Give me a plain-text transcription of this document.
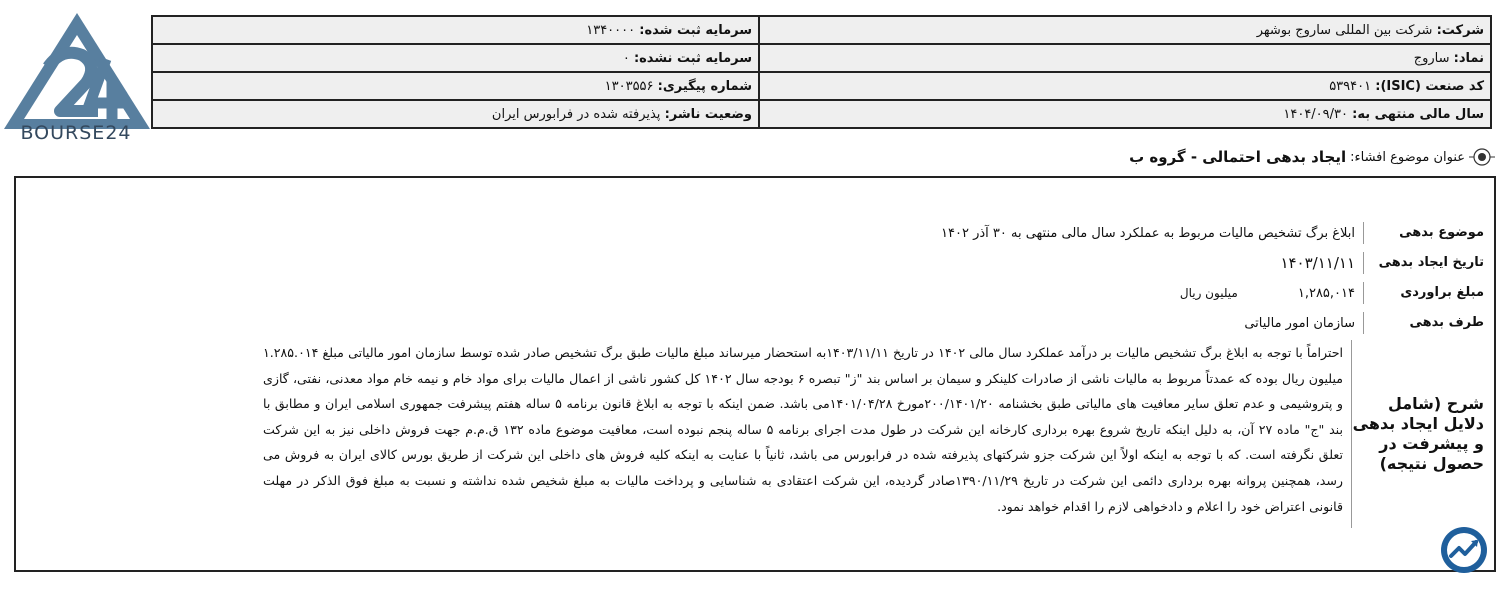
BOURSE24
شرکت: شرکت بین المللی ساروج بوشهر	سرمایه ثبت شده: ۱۳۴۰۰۰۰
نماد: ساروج	سرمایه ثبت نشده: ۰
کد صنعت (ISIC): ۵۳۹۴۰۱	شماره پیگیری: ۱۳۰۳۵۵۶
سال مالی منتهی به: ۱۴۰۴/۰۹/۳۰	وضعیت ناشر: پذیرفته شده در فرابورس ایران
عنوان موضوع افشاء:
ایجاد بدهی احتمالی - گروه ب
موضوع بدهی
ابلاغ برگ تشخیص مالیات مربوط به عملکرد سال مالی منتهی به ۳۰ آذر ۱۴۰۲
تاریخ ایجاد بدهی
۱۴۰۳/۱۱/۱۱
مبلغ براوردی
۱,۲۸۵,۰۱۴
میلیون ریال
طرف بدهی
سازمان امور مالیاتی
شرح (شامل دلایل ایجاد بدهی و پیشرفت در حصول نتیجه)
احتراماً با توجه به ابلاغ برگ تشخیص مالیات بر درآمد عملکرد سال مالی ۱۴۰۲ در تاریخ ۱۴۰۳/۱۱/۱۱به استحضار میرساند مبلغ مالیات طبق برگ تشخیص صادر شده توسط سازمان امور مالیاتی مبلغ ۱.۲۸۵.۰۱۴ میلیون ریال بوده که عمدتاً مربوط به مالیات ناشی از صادرات کلینکر و سیمان بر اساس بند "ز" تبصره ۶ بودجه سال ۱۴۰۲ کل کشور ناشی از اعمال مالیات برای مواد خام و نیمه خام مواد معدنی، نفتی، گازی و پتروشیمی و عدم تعلق سایر معافیت های مالیاتی طبق بخشنامه ۲۰۰/۱۴۰۱/۲۰مورخ ۱۴۰۱/۰۴/۲۸می باشد. ضمن اینکه با توجه به ابلاغ قانون برنامه ۵ ساله هفتم پیشرفت جمهوری اسلامی ایران و مطابق با بند "ج" ماده ۲۷ آن، به دلیل اینکه تاریخ شروع بهره برداری کارخانه این شرکت در طول مدت اجرای برنامه ۵ ساله پنجم نبوده است، معافیت موضوع ماده ۱۳۲ ق.م.م جهت فروش داخلی نیز به این شرکت تعلق نگرفته است. که با توجه به اینکه اولاً این شرکت جزو شرکتهای پذیرفته شده در فرابورس می باشد، ثانیاً با عنایت به اینکه کلیه فروش های داخلی این شرکت از طریق بورس کالای ایران به فروش می رسد، همچنین پروانه بهره برداری دائمی این شرکت در تاریخ ۱۳۹۰/۱۱/۲۹صادر گردیده، این شرکت اعتقادی به شناسایی و پرداخت مالیات به مبلغ شخیص شده نداشته و نسبت به مبلغ فوق الذکر در مهلت قانونی اعتراض خود را اعلام و دادخواهی لازم را اقدام خواهد نمود.
